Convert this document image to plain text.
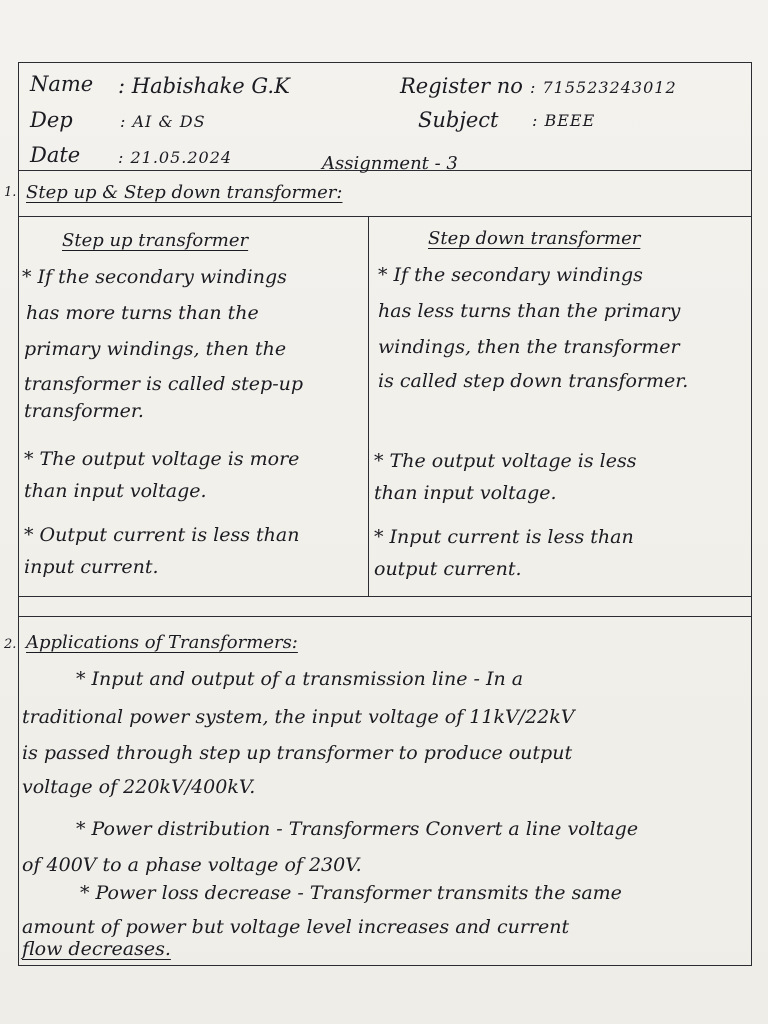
Name : Habishake G.K
Dep	: AI & DS
Date : 21.05.2024
Register no : 715523243012
Subject : BEEE
Assignment - 3
1. Step up & Step down transformer:
Step up transformer	Step down transformer
* If the secondary windings
has more turns than the
primary windings, then the
transformer is called step-up
transformer.
* The output voltage is more
than input voltage.
* Output current is less than
input current.
* If the secondary windings
has less turns than the primary
windings, then the transformer
is called step down transformer.
* The output voltage is less
than input voltage.
* Input current is less than
output current.
2. Applications of Transformers:
* Input and output of a transmission line - In a
traditional power system, the input voltage of 11kV/22kV
is passed through step up transformer to produce output
voltage of 220kV/400kV.
* Power distribution - Transformers Convert a line voltage
of 400V to a phase voltage of 230V.
* Power loss decrease - Transformer transmits the same
amount of power but voltage level increases and current
flow decreases.
